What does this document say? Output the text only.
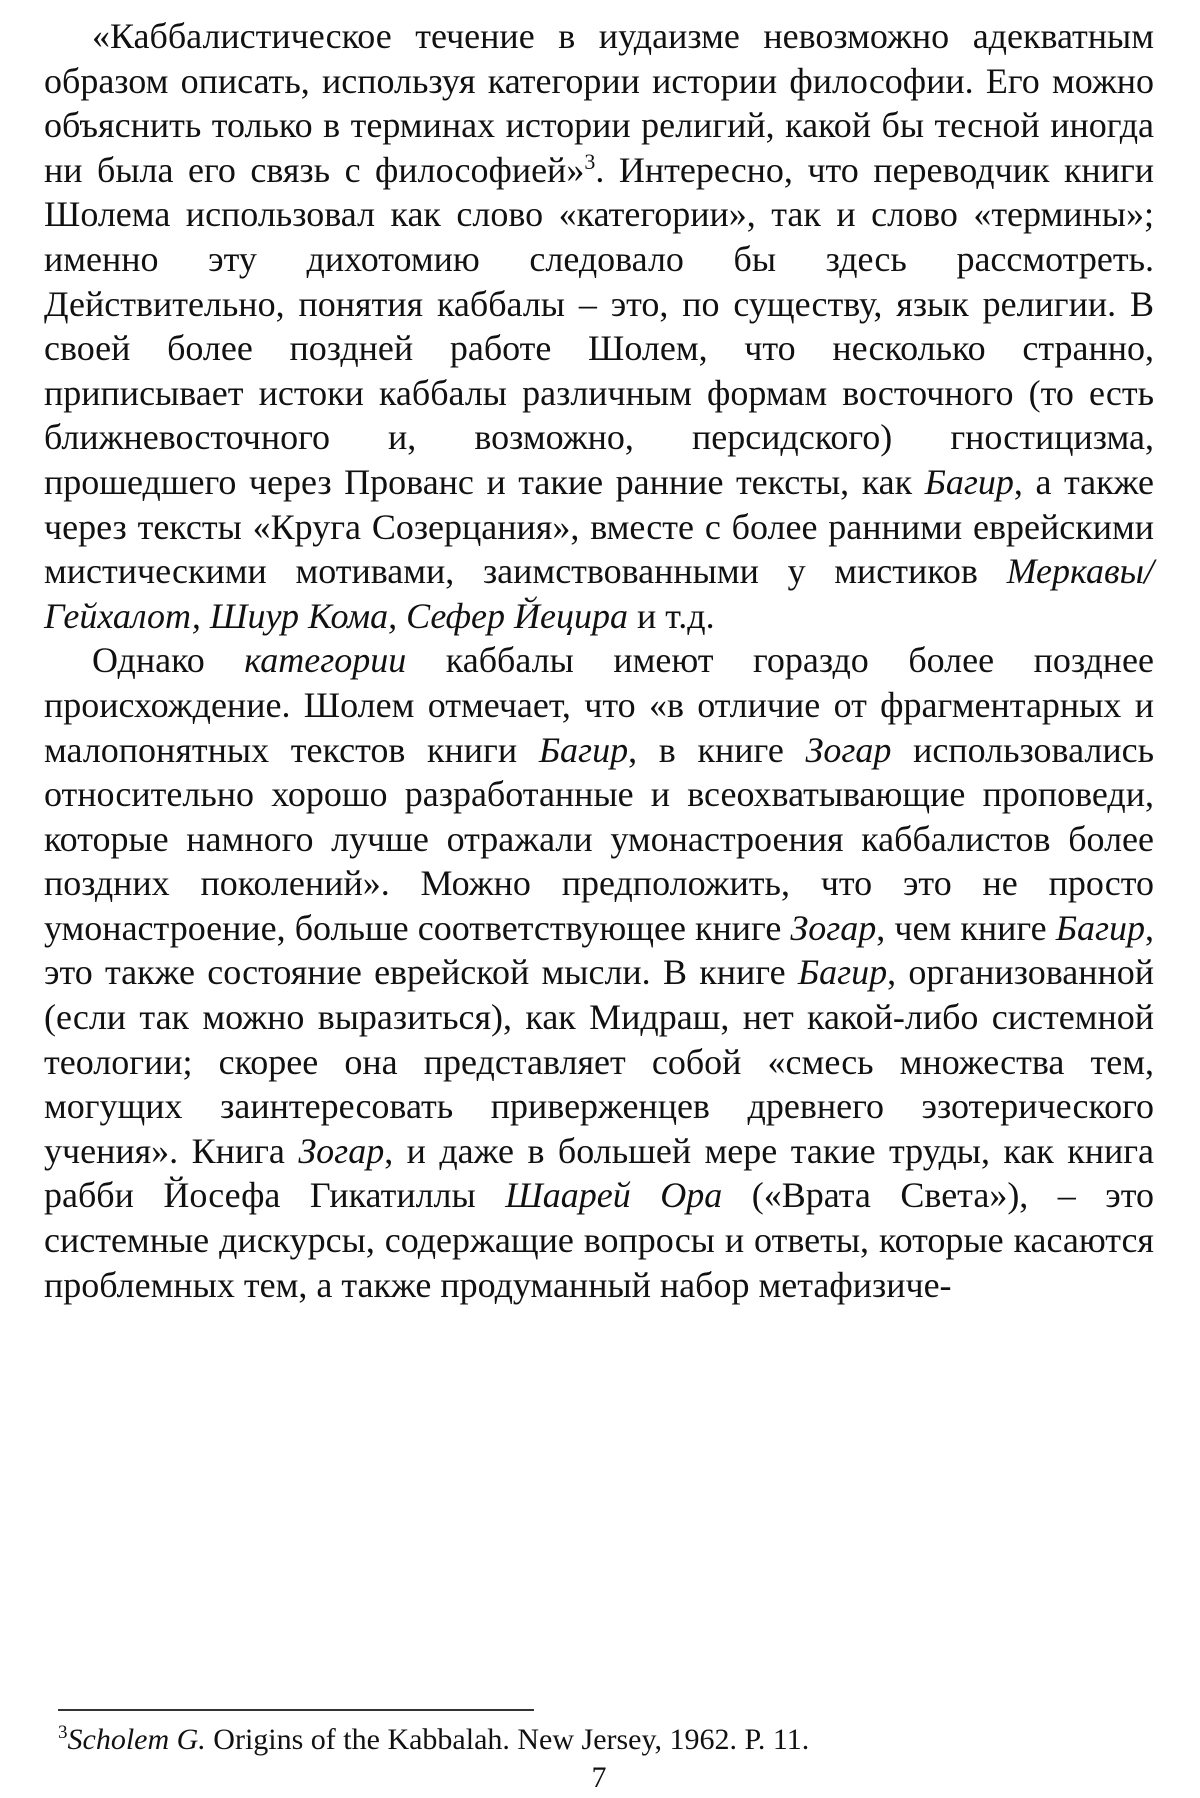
«Каббалистическое течение в иудаизме невозможно адекватным образом описать, используя категории истории философии. Его можно объяснить только в терминах истории религий, какой бы тесной иногда ни была его связь с философией»$^3$. Интересно, что переводчик книги Шолема использовал как слово «категории», так и слово «термины»; именно эту дихотомию следовало бы здесь рассмотреть. Действительно, понятия каббалы – это, по существу, язык религии. В своей более поздней работе Шолем, что несколько странно, приписывает истоки каббалы различным формам восточного (то есть ближневосточного и, возможно, персидского) гностицизма, прошедшего через Прованс и такие ранние тексты, как Багир, а также через тексты «Круга Созерцания», вместе с более ранними еврейскими мистическими мотивами, заимствованными у мистиков Меркавы/Гейхалот, Шиур Кома, Сефер Йецира и т.д.

Однако категории каббалы имеют гораздо более позднее происхождение. Шолем отмечает, что «в отличие от фрагментарных и малопонятных текстов книги Багир, в книге Зогар использовались относительно хорошо разработанные и всеохватывающие проповеди, которые намного лучше отражали умонастроения каббалистов более поздних поколений». Можно предположить, что это не просто умонастроение, больше соответствующее книге Зогар, чем книге Багир, это также состояние еврейской мысли. В книге Багир, организованной (если так можно выразиться), как Мидраш, нет какой-либо системной теологии; скорее она представляет собой «смесь множества тем, могущих заинтересовать приверженцев древнего эзотерического учения». Книга Зогар, и даже в большей мере такие труды, как книга рабби Йосефа Гикатиллы Шаарей Ора («Врата Света»), – это системные дискурсы, содержащие вопросы и ответы, которые касаются проблемных тем, а также продуманный набор метафизиче-

$^3$Scholem G. Origins of the Kabbalah. New Jersey, 1962. P. 11.

7
